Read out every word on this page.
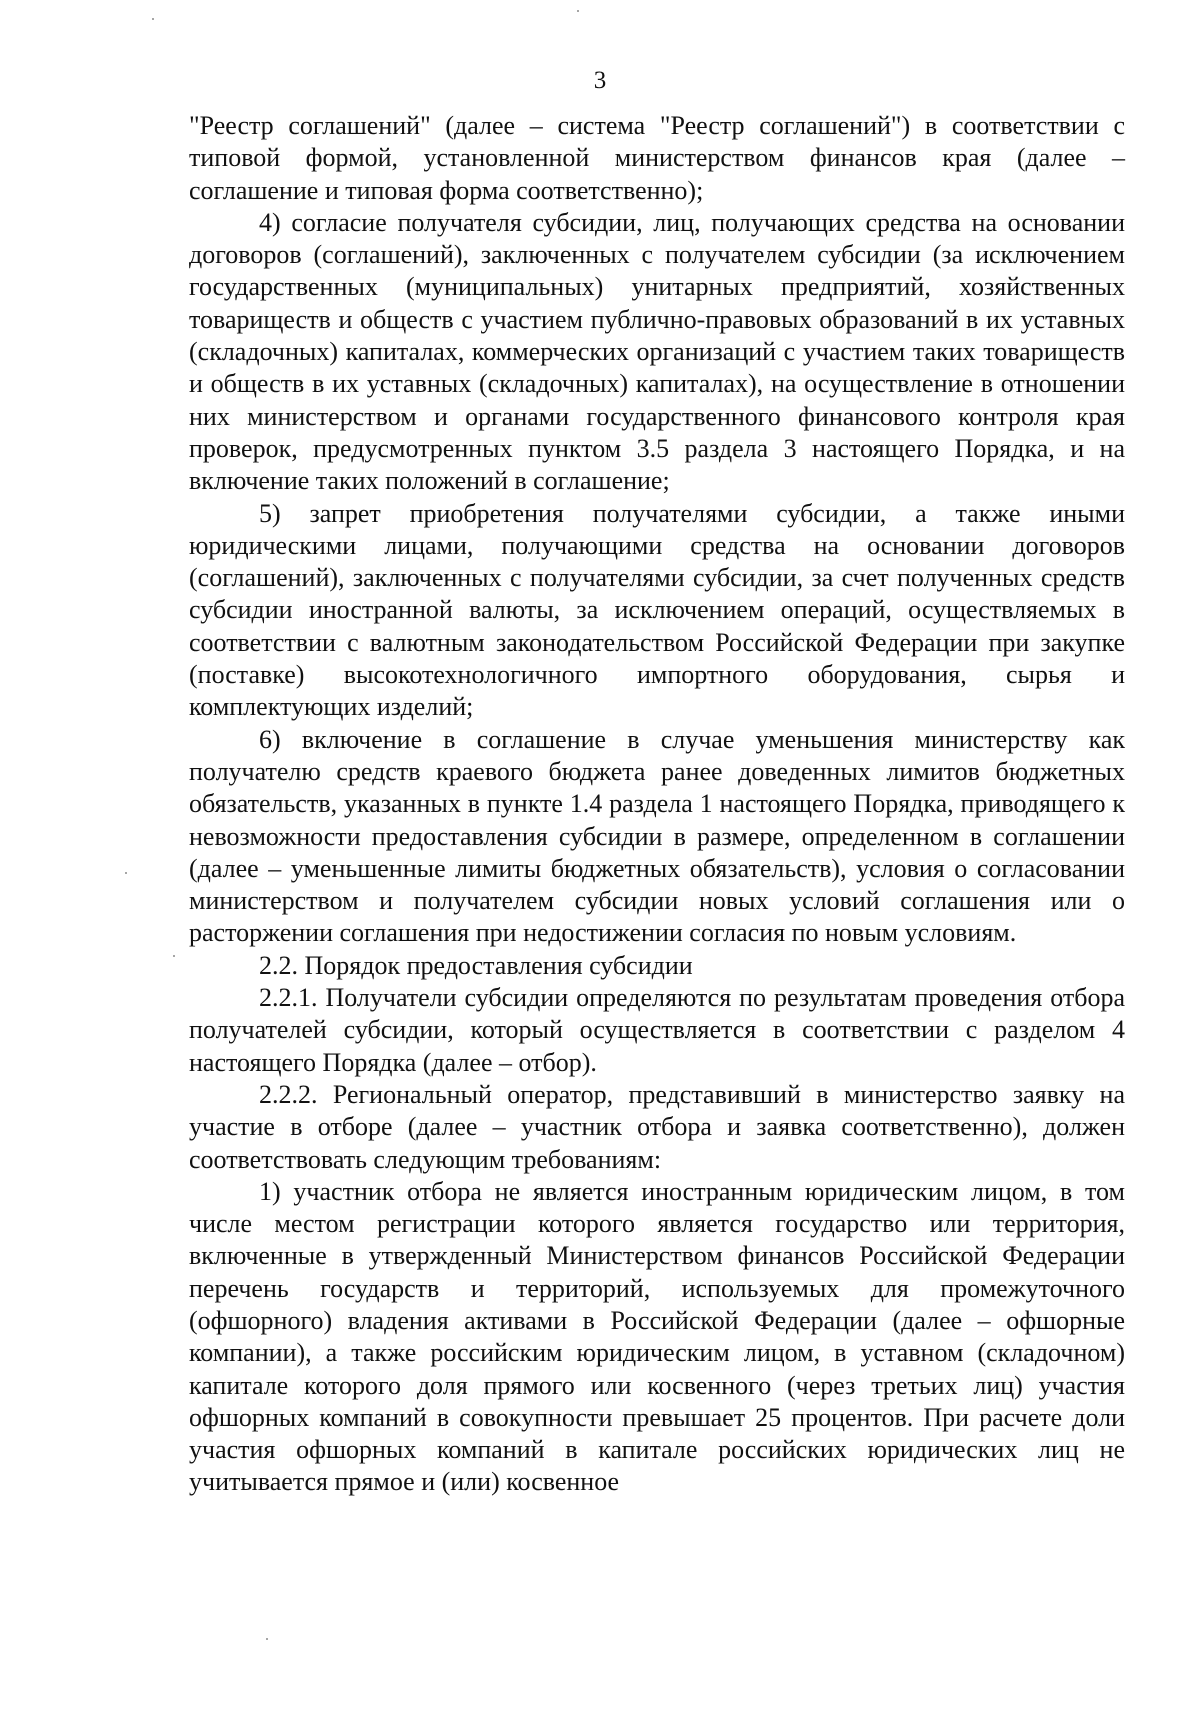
3

"Реестр соглашений" (далее – система "Реестр соглашений") в соответствии с типовой формой, установленной министерством финансов края (далее – соглашение и типовая форма соответственно);

4) согласие получателя субсидии, лиц, получающих средства на основании договоров (соглашений), заключенных с получателем субсидии (за исключением государственных (муниципальных) унитарных предприятий, хозяйственных товариществ и обществ с участием публично-правовых образований в их уставных (складочных) капиталах, коммерческих организаций с участием таких товариществ и обществ в их уставных (складочных) капиталах), на осуществление в отношении них министерством и органами государственного финансового контроля края проверок, предусмотренных пунктом 3.5 раздела 3 настоящего Порядка, и на включение таких положений в соглашение;

5) запрет приобретения получателями субсидии, а также иными юридическими лицами, получающими средства на основании договоров (соглашений), заключенных с получателями субсидии, за счет полученных средств субсидии иностранной валюты, за исключением операций, осуществляемых в соответствии с валютным законодательством Российской Федерации при закупке (поставке) высокотехнологичного импортного оборудования, сырья и комплектующих изделий;

6) включение в соглашение в случае уменьшения министерству как получателю средств краевого бюджета ранее доведенных лимитов бюджетных обязательств, указанных в пункте 1.4 раздела 1 настоящего Порядка, приводящего к невозможности предоставления субсидии в размере, определенном в соглашении (далее – уменьшенные лимиты бюджетных обязательств), условия о согласовании министерством и получателем субсидии новых условий соглашения или о расторжении соглашения при недостижении согласия по новым условиям.

2.2. Порядок предоставления субсидии

2.2.1. Получатели субсидии определяются по результатам проведения отбора получателей субсидии, который осуществляется в соответствии с разделом 4 настоящего Порядка (далее – отбор).

2.2.2. Региональный оператор, представивший в министерство заявку на участие в отборе (далее – участник отбора и заявка соответственно), должен соответствовать следующим требованиям:

1) участник отбора не является иностранным юридическим лицом, в том числе местом регистрации которого является государство или территория, включенные в утвержденный Министерством финансов Российской Федерации перечень государств и территорий, используемых для промежуточного (офшорного) владения активами в Российской Федерации (далее – офшорные компании), а также российским юридическим лицом, в уставном (складочном) капитале которого доля прямого или косвенного (через третьих лиц) участия офшорных компаний в совокупности превышает 25 процентов. При расчете доли участия офшорных компаний в капитале российских юридических лиц не учитывается прямое и (или) косвенное
